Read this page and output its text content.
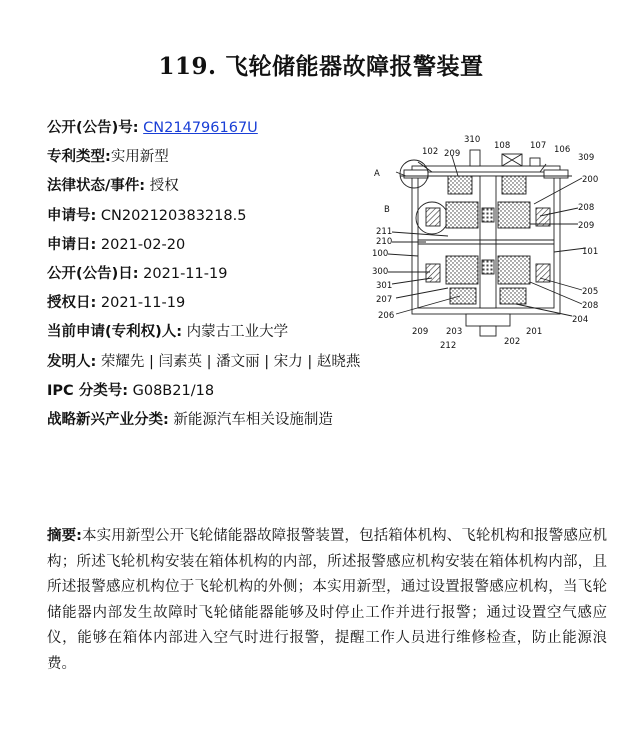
119. 飞轮储能器故障报警装置
公开(公告)号: CN214796167U
专利类型:实用新型
法律状态/事件: 授权
申请号: CN202120383218.5
申请日: 2021-02-20
公开(公告)日: 2021-11-19
授权日: 2021-11-19
当前申请(专利权)人: 内蒙古工业大学
发明人: 荣耀先 | 闫素英 | 潘文丽 | 宋力 | 赵晓燕
IPC 分类号: G08B21/18
战略新兴产业分类: 新能源汽车相关设施制造
310
108 107 106
309
102 209
A
200
B	208
209
211
210
100	101
300
301
207
206
205
208
204
209 203	201
212	202
摘要:本实用新型公开飞轮储能器故障报警装置，包括箱体机构、飞轮机构和报警感应机构；所述飞轮机构安装在箱体机构的内部，所述报警感应机构安装在箱体机构内部，且所述报警感应机构位于飞轮机构的外侧；本实用新型，通过设置报警感应机构，当飞轮储能器内部发生故障时飞轮储能器能够及时停止工作并进行报警；通过设置空气感应仪，能够在箱体内部进入空气时进行报警，提醒工作人员进行维修检查，防止能源浪费。
